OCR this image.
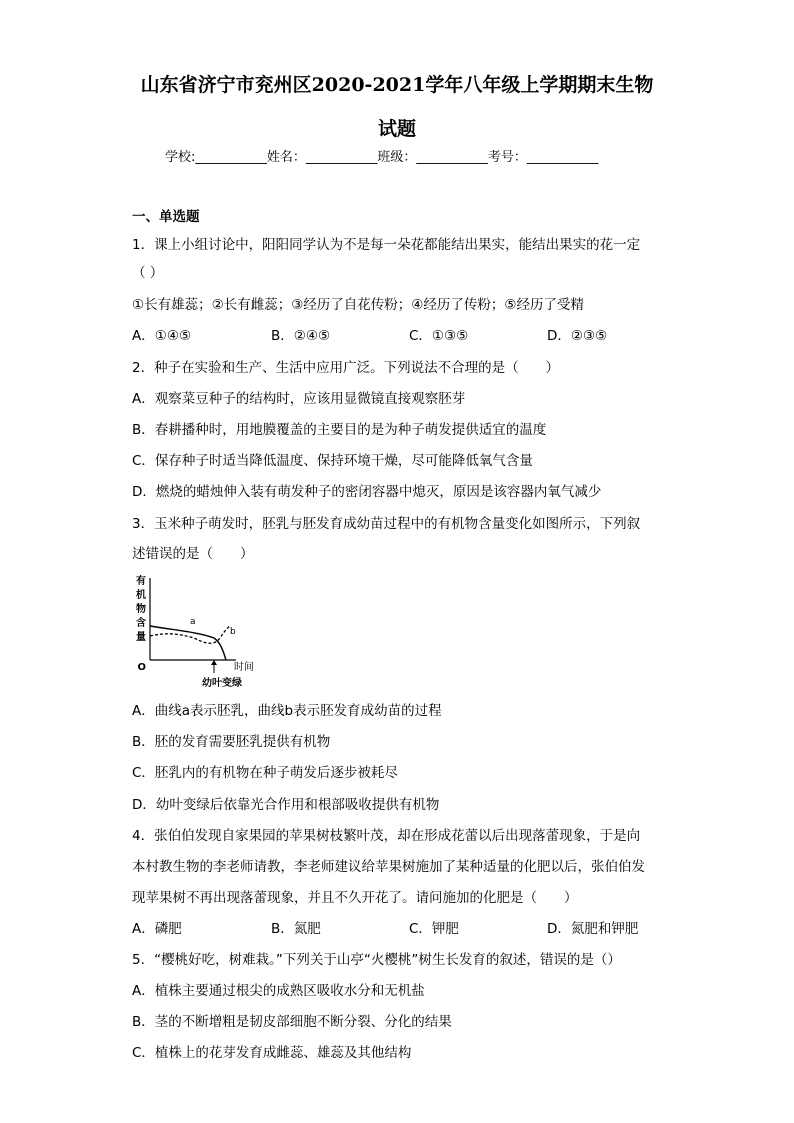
山东省济宁市兖州区2020-2021学年八年级上学期期末生物
试题
学校:___________姓名：___________班级：___________考号：___________
一、单选题
1．课上小组讨论中，阳阳同学认为不是每一朵花都能结出果实，能结出果实的花一定
（ ）
①长有雄蕊；②长有雌蕊；③经历了自花传粉；④经历了传粉；⑤经历了受精
A．①④⑤	B．②④⑤	C．①③⑤	D．②③⑤
2．种子在实验和生产、生活中应用广泛。下列说法不合理的是（　　）
A．观察菜豆种子的结构时，应该用显微镜直接观察胚芽
B．春耕播种时，用地膜覆盖的主要目的是为种子萌发提供适宜的温度
C．保存种子时适当降低温度、保持环境干燥，尽可能降低氧气含量
D．燃烧的蜡烛伸入装有萌发种子的密闭容器中熄灭，原因是该容器内氧气减少
3．玉米种子萌发时，胚乳与胚发育成幼苗过程中的有机物含量变化如图所示，下列叙
述错误的是（　　）
有
机
物
含
量
O	时间
a
b
幼叶变绿
A．曲线a表示胚乳，曲线b表示胚发育成幼苗的过程
B．胚的发育需要胚乳提供有机物
C．胚乳内的有机物在种子萌发后逐步被耗尽
D．幼叶变绿后依靠光合作用和根部吸收提供有机物
4．张伯伯发现自家果园的苹果树枝繁叶茂，却在形成花蕾以后出现落蕾现象，于是向
本村教生物的李老师请教，李老师建议给苹果树施加了某种适量的化肥以后，张伯伯发
现苹果树不再出现落蕾现象，并且不久开花了。请问施加的化肥是（　　）
A．磷肥	B．氮肥	C．钾肥	D．氮肥和钾肥
5．“樱桃好吃，树难栽。”下列关于山亭“火樱桃”树生长发育的叙述，错误的是（）
A．植株主要通过根尖的成熟区吸收水分和无机盐
B．茎的不断增粗是韧皮部细胞不断分裂、分化的结果
C．植株上的花芽发育成雌蕊、雄蕊及其他结构
